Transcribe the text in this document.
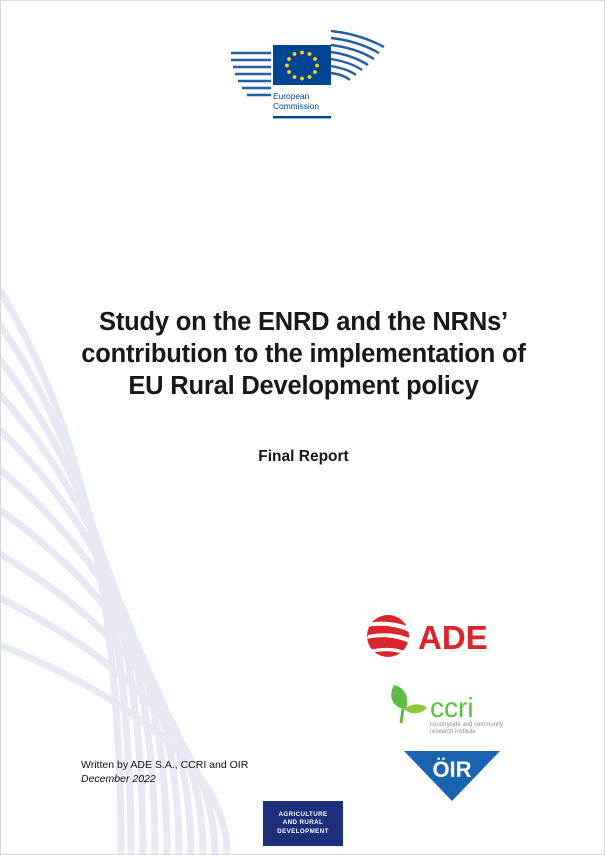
European
Commission
Study on the ENRD and the NRNs’ contribution to the implementation of EU Rural Development policy

Final Report

ADE
ccri
countryside and community
research institute
ÖIR
Written by ADE S.A., CCRI and OIR
December 2022
AGRICULTURE
AND RURAL
DEVELOPMENT
